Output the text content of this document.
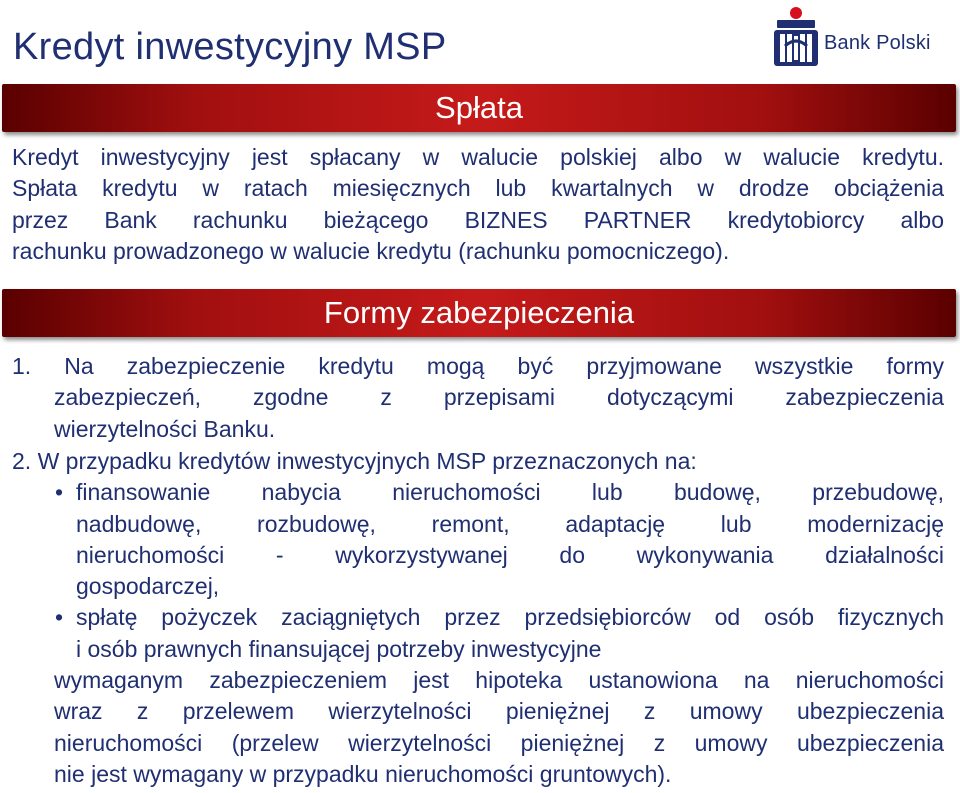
Kredyt inwestycyjny MSP	Bank Polski
Spłata
Kredyt inwestycyjny jest spłacany w walucie polskiej albo w walucie kredytu.
Spłata kredytu w ratach miesięcznych lub kwartalnych w drodze obciążenia
przez Bank rachunku bieżącego BIZNES PARTNER kredytobiorcy albo
rachunku prowadzonego w walucie kredytu (rachunku pomocniczego).
Formy zabezpieczenia
1. Na zabezpieczenie kredytu mogą być przyjmowane wszystkie formy
zabezpieczeń, zgodne z przepisami dotyczącymi zabezpieczenia
wierzytelności Banku.
2. W przypadku kredytów inwestycyjnych MSP przeznaczonych na:
• finansowanie nabycia nieruchomości lub budowę, przebudowę,
nadbudowę, rozbudowę, remont, adaptację lub modernizację
nieruchomości - wykorzystywanej do wykonywania działalności
gospodarczej,
• spłatę pożyczek zaciągniętych przez przedsiębiorców od osób fizycznych
i osób prawnych finansującej potrzeby inwestycyjne
wymaganym zabezpieczeniem jest hipoteka ustanowiona na nieruchomości
wraz z przelewem wierzytelności pieniężnej z umowy ubezpieczenia
nieruchomości (przelew wierzytelności pieniężnej z umowy ubezpieczenia
nie jest wymagany w przypadku nieruchomości gruntowych).
